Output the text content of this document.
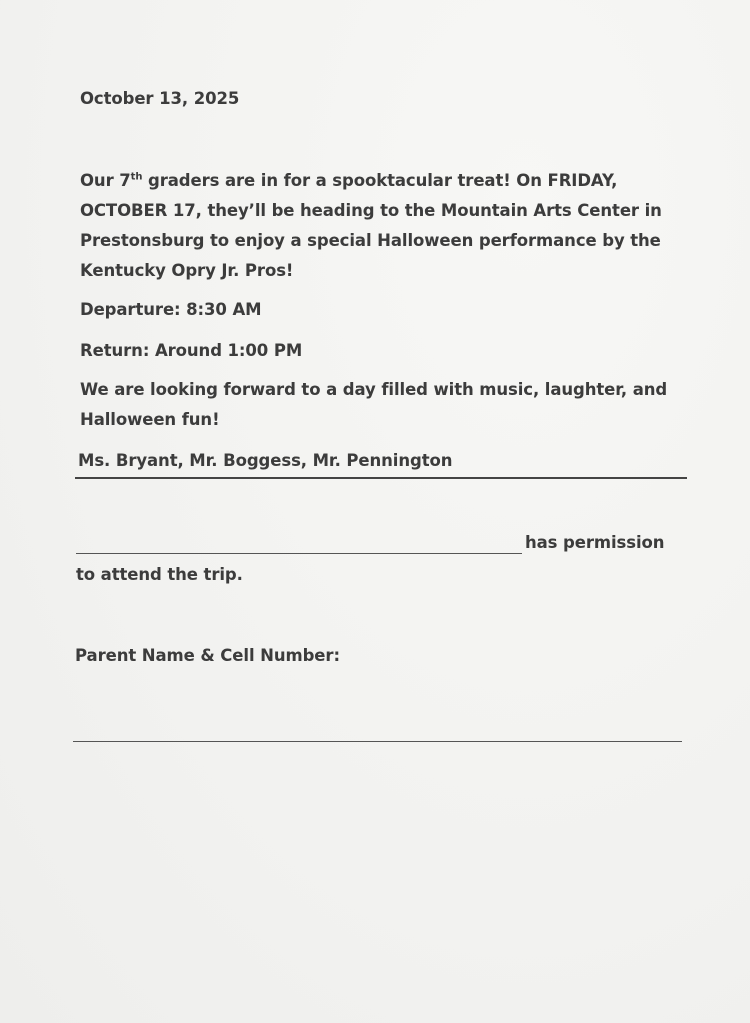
October 13, 2025
Our 7th graders are in for a spooktacular treat! On FRIDAY,
OCTOBER 17, they’ll be heading to the Mountain Arts Center in
Prestonsburg to enjoy a special Halloween performance by the
Kentucky Opry Jr. Pros!
Departure: 8:30 AM
Return: Around 1:00 PM
We are looking forward to a day filled with music, laughter, and
Halloween fun!
Ms. Bryant, Mr. Boggess, Mr. Pennington
has permission
to attend the trip.
Parent Name & Cell Number:
